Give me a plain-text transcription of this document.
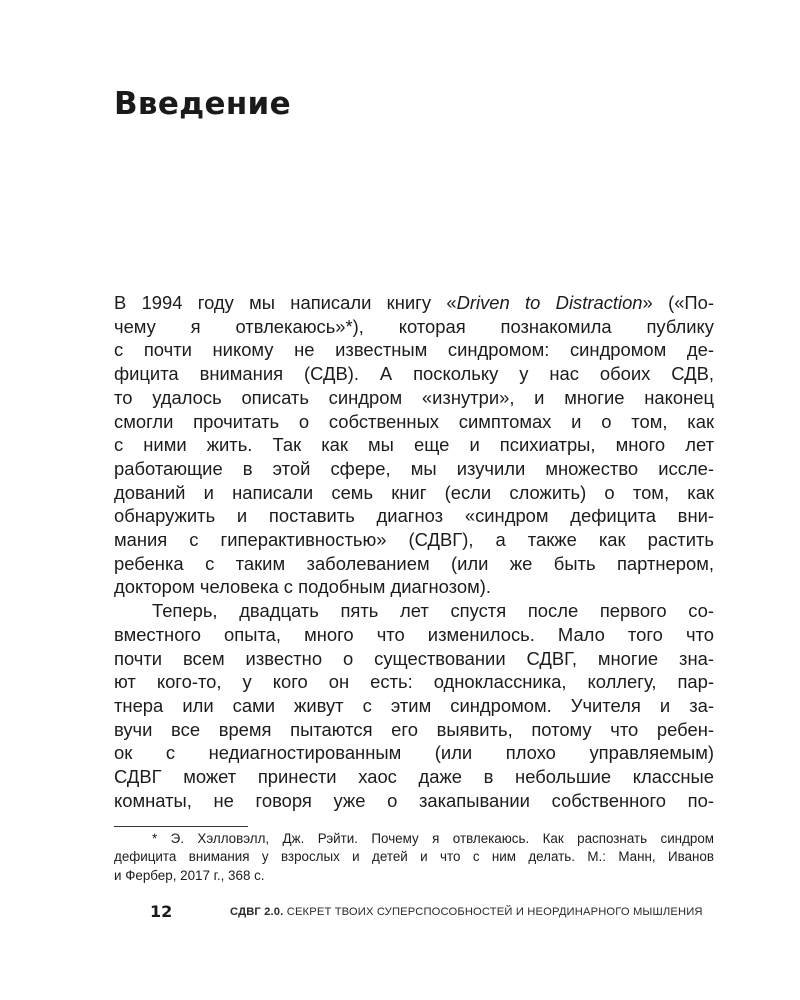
Введение
В 1994 году мы написали книгу «Driven to Distraction» («По-
чему я отвлекаюсь»*), которая познакомила публику
с почти никому не известным синдромом: синдромом де-
фицита внимания (СДВ). А поскольку у нас обоих СДВ,
то удалось описать синдром «изнутри», и многие наконец
смогли прочитать о собственных симптомах и о том, как
с ними жить. Так как мы еще и психиатры, много лет
работающие в этой сфере, мы изучили множество иссле-
дований и написали семь книг (если сложить) о том, как
обнаружить и поставить диагноз «синдром дефицита вни-
мания с гиперактивностью» (СДВГ), а также как растить
ребенка с таким заболеванием (или же быть партнером,
доктором человека с подобным диагнозом).
Теперь, двадцать пять лет спустя после первого со-
вместного опыта, много что изменилось. Мало того что
почти всем известно о существовании СДВГ, многие зна-
ют кого-то, у кого он есть: одноклассника, коллегу, пар-
тнера или сами живут с этим синдромом. Учителя и за-
вучи все время пытаются его выявить, потому что ребен-
ок с недиагностированным (или плохо управляемым)
СДВГ может принести хаос даже в небольшие классные
комнаты, не говоря уже о закапывании собственного по-
* Э. Хэлловэлл, Дж. Рэйти. Почему я отвлекаюсь. Как распознать синдром
дефицита внимания у взрослых и детей и что с ним делать. М.: Манн, Иванов
и Фербер, 2017 г., 368 с.
12	СДВГ 2.0. СЕКРЕТ ТВОИХ СУПЕРСПОСОБНОСТЕЙ И НЕОРДИНАРНОГО МЫШЛЕНИЯ
